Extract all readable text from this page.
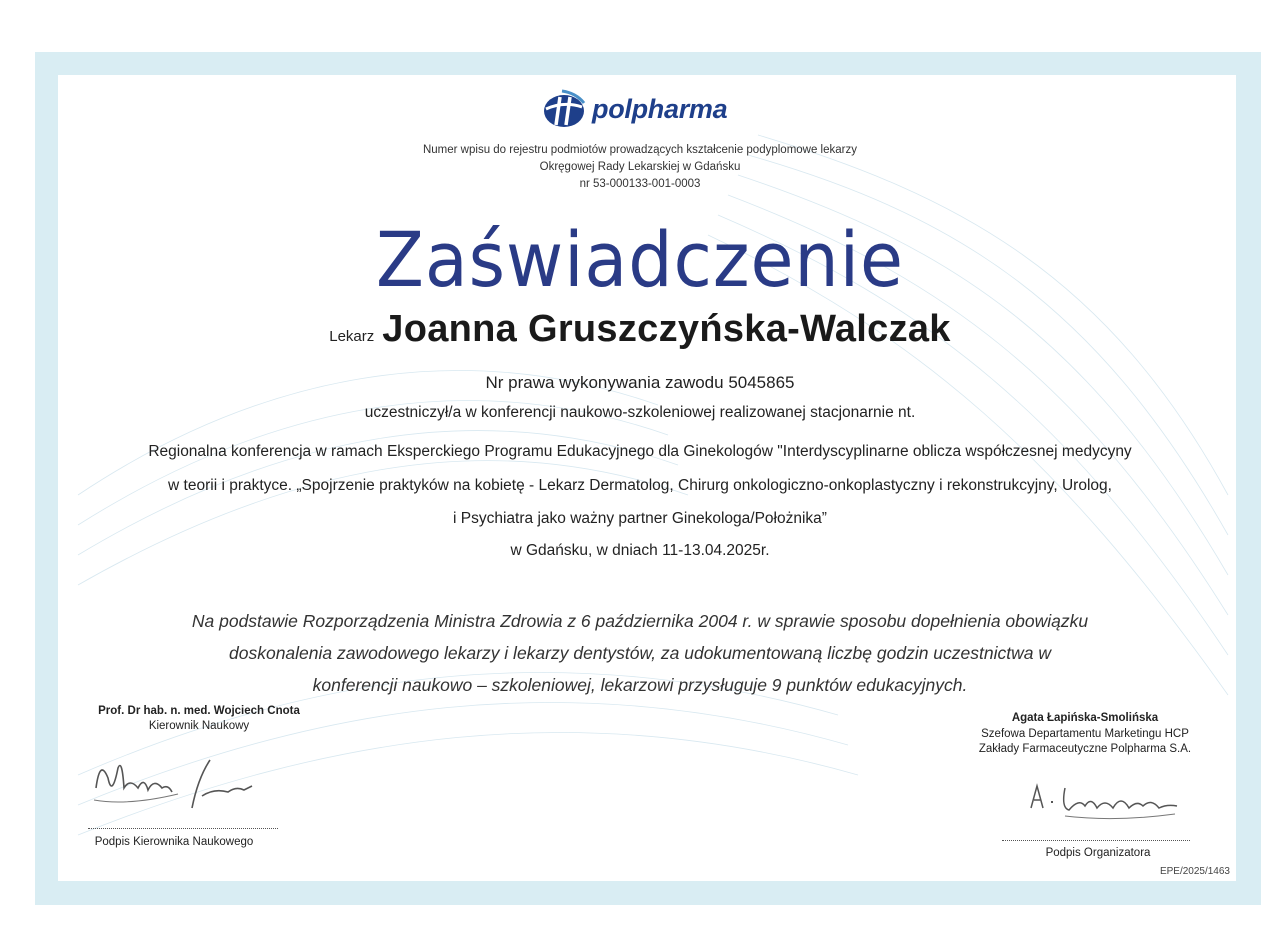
polpharma
Numer wpisu do rejestru podmiotów prowadzących kształcenie podyplomowe lekarzy
Okręgowej Rady Lekarskiej w Gdańsku
nr 53-000133-001-0003
Zaświadczenie
Lekarz Joanna Gruszczyńska-Walczak
Nr prawa wykonywania zawodu 5045865
uczestniczył/a w konferencji naukowo-szkoleniowej realizowanej stacjonarnie nt.
Regionalna konferencja w ramach Eksperckiego Programu Edukacyjnego dla Ginekologów "Interdyscyplinarne oblicza współczesnej medycyny
w teorii i praktyce. „Spojrzenie praktyków na kobietę - Lekarz Dermatolog, Chirurg onkologiczno-onkoplastyczny i rekonstrukcyjny, Urolog,
i Psychiatra jako ważny partner Ginekologa/Położnika”
w Gdańsku, w dniach 11-13.04.2025r.
Na podstawie Rozporządzenia Ministra Zdrowia z 6 października 2004 r. w sprawie sposobu dopełnienia obowiązku
doskonalenia zawodowego lekarzy i lekarzy dentystów, za udokumentowaną liczbę godzin uczestnictwa w
konferencji naukowo – szkoleniowej, lekarzowi przysługuje 9 punktów edukacyjnych.
Prof. Dr hab. n. med. Wojciech Cnota
Kierownik Naukowy
Podpis Kierownika Naukowego
Agata Łapińska-Smolińska
Szefowa Departamentu Marketingu HCP
Zakłady Farmaceutyczne Polpharma S.A.
Podpis Organizatora
EPE/2025/1463
